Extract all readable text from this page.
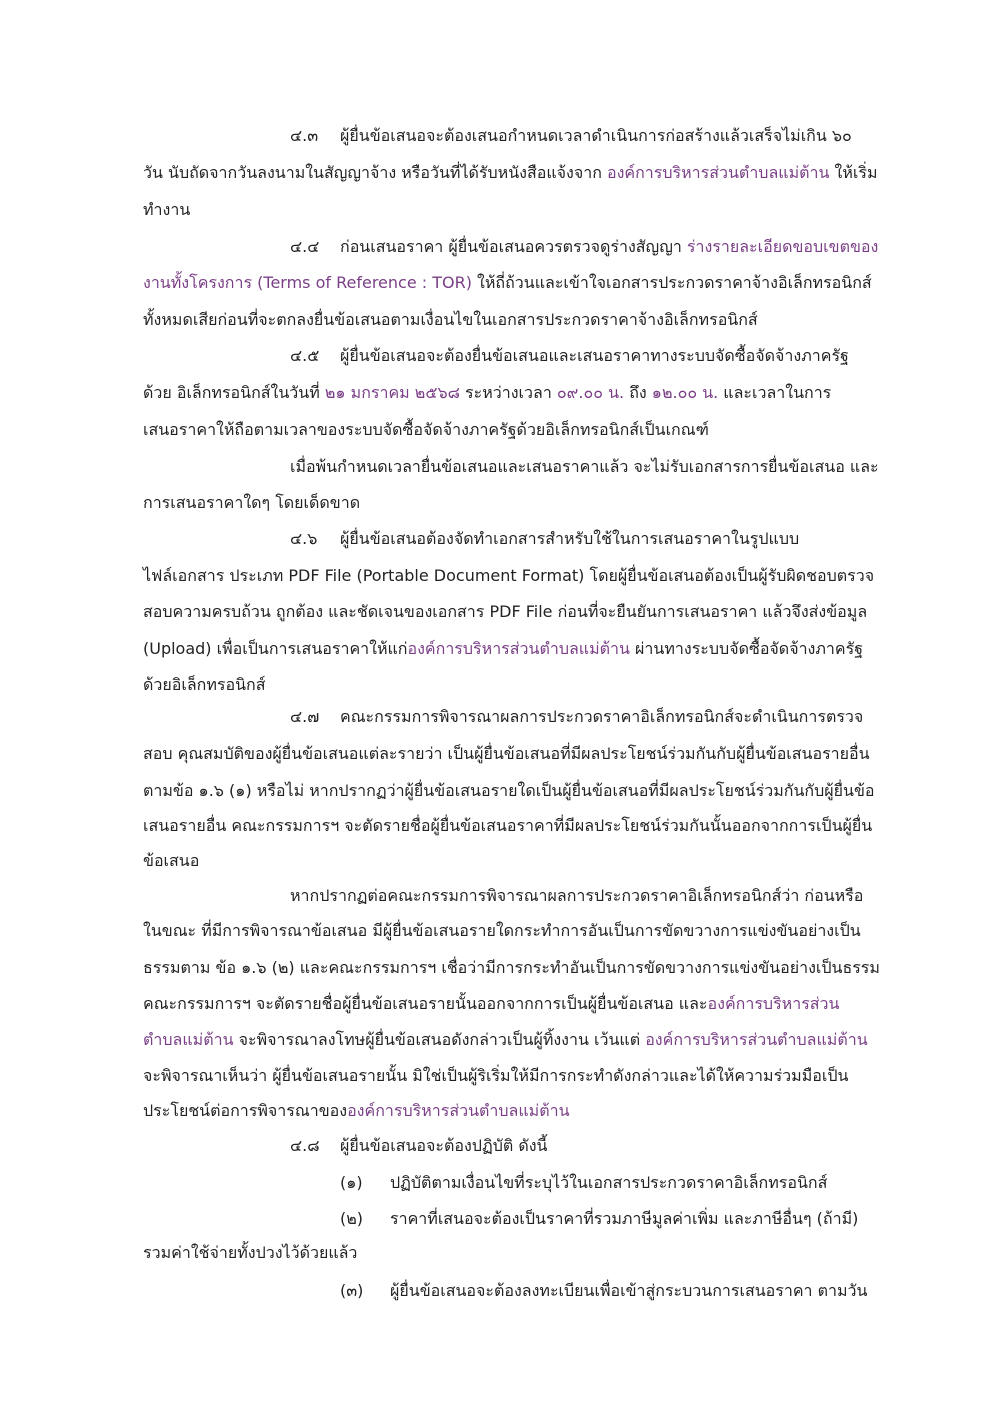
๔.๓ ผู้ยื่นข้อเสนอจะต้องเสนอกำหนดเวลาดำเนินการก่อสร้างแล้วเสร็จไม่เกิน ๖๐
วัน นับถัดจากวันลงนามในสัญญาจ้าง หรือวันที่ได้รับหนังสือแจ้งจาก องค์การบริหารส่วนตำบลแม่ต้าน ให้เริ่ม
ทำงาน
๔.๔ ก่อนเสนอราคา ผู้ยื่นข้อเสนอควรตรวจดูร่างสัญญา ร่างรายละเอียดขอบเขตของ
งานทั้งโครงการ (Terms of Reference : TOR) ให้ถี่ถ้วนและเข้าใจเอกสารประกวดราคาจ้างอิเล็กทรอนิกส์
ทั้งหมดเสียก่อนที่จะตกลงยื่นข้อเสนอตามเงื่อนไขในเอกสารประกวดราคาจ้างอิเล็กทรอนิกส์
๔.๕ ผู้ยื่นข้อเสนอจะต้องยื่นข้อเสนอและเสนอราคาทางระบบจัดซื้อจัดจ้างภาครัฐ
ด้วย อิเล็กทรอนิกส์ในวันที่ ๒๑ มกราคม ๒๕๖๘ ระหว่างเวลา ๐๙.๐๐ น. ถึง ๑๒.๐๐ น. และเวลาในการ
เสนอราคาให้ถือตามเวลาของระบบจัดซื้อจัดจ้างภาครัฐด้วยอิเล็กทรอนิกส์เป็นเกณฑ์
เมื่อพ้นกำหนดเวลายื่นข้อเสนอและเสนอราคาแล้ว จะไม่รับเอกสารการยื่นข้อเสนอ และ
การเสนอราคาใดๆ โดยเด็ดขาด
๔.๖ ผู้ยื่นข้อเสนอต้องจัดทำเอกสารสำหรับใช้ในการเสนอราคาในรูปแบบ
ไฟล์เอกสาร ประเภท PDF File (Portable Document Format) โดยผู้ยื่นข้อเสนอต้องเป็นผู้รับผิดชอบตรวจ
สอบความครบถ้วน ถูกต้อง และชัดเจนของเอกสาร PDF File ก่อนที่จะยืนยันการเสนอราคา แล้วจึงส่งข้อมูล
(Upload) เพื่อเป็นการเสนอราคาให้แก่องค์การบริหารส่วนตำบลแม่ต้าน ผ่านทางระบบจัดซื้อจัดจ้างภาครัฐ
ด้วยอิเล็กทรอนิกส์
๔.๗ คณะกรรมการพิจารณาผลการประกวดราคาอิเล็กทรอนิกส์จะดำเนินการตรวจ
สอบ คุณสมบัติของผู้ยื่นข้อเสนอแต่ละรายว่า เป็นผู้ยื่นข้อเสนอที่มีผลประโยชน์ร่วมกันกับผู้ยื่นข้อเสนอรายอื่น
ตามข้อ ๑.๖ (๑) หรือไม่ หากปรากฏว่าผู้ยื่นข้อเสนอรายใดเป็นผู้ยื่นข้อเสนอที่มีผลประโยชน์ร่วมกันกับผู้ยื่นข้อ
เสนอรายอื่น คณะกรรมการฯ จะตัดรายชื่อผู้ยื่นข้อเสนอราคาที่มีผลประโยชน์ร่วมกันนั้นออกจากการเป็นผู้ยื่น
ข้อเสนอ
หากปรากฏต่อคณะกรรมการพิจารณาผลการประกวดราคาอิเล็กทรอนิกส์ว่า ก่อนหรือ
ในขณะ ที่มีการพิจารณาข้อเสนอ มีผู้ยื่นข้อเสนอรายใดกระทำการอันเป็นการขัดขวางการแข่งขันอย่างเป็น
ธรรมตาม ข้อ ๑.๖ (๒) และคณะกรรมการฯ เชื่อว่ามีการกระทำอันเป็นการขัดขวางการแข่งขันอย่างเป็นธรรม
คณะกรรมการฯ จะตัดรายชื่อผู้ยื่นข้อเสนอรายนั้นออกจากการเป็นผู้ยื่นข้อเสนอ และองค์การบริหารส่วน
ตำบลแม่ต้าน จะพิจารณาลงโทษผู้ยื่นข้อเสนอดังกล่าวเป็นผู้ทิ้งงาน เว้นแต่ องค์การบริหารส่วนตำบลแม่ต้าน
จะพิจารณาเห็นว่า ผู้ยื่นข้อเสนอรายนั้น มิใช่เป็นผู้ริเริ่มให้มีการกระทำดังกล่าวและได้ให้ความร่วมมือเป็น
ประโยชน์ต่อการพิจารณาขององค์การบริหารส่วนตำบลแม่ต้าน
๔.๘ ผู้ยื่นข้อเสนอจะต้องปฏิบัติ ดังนี้
(๑) ปฏิบัติตามเงื่อนไขที่ระบุไว้ในเอกสารประกวดราคาอิเล็กทรอนิกส์
(๒) ราคาที่เสนอจะต้องเป็นราคาที่รวมภาษีมูลค่าเพิ่ม และภาษีอื่นๆ (ถ้ามี)
รวมค่าใช้จ่ายทั้งปวงไว้ด้วยแล้ว
(๓) ผู้ยื่นข้อเสนอจะต้องลงทะเบียนเพื่อเข้าสู่กระบวนการเสนอราคา ตามวัน
